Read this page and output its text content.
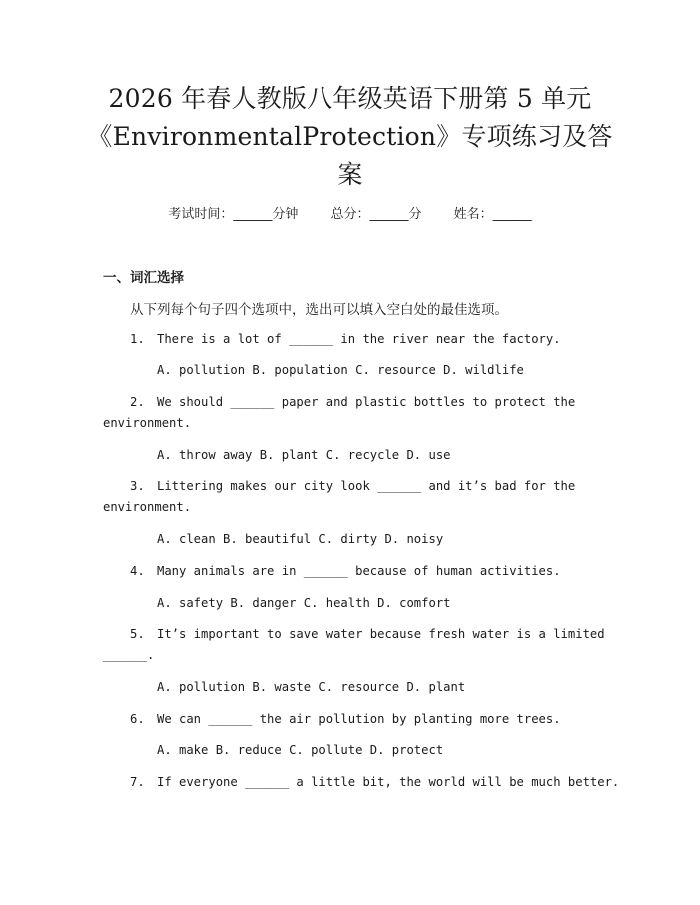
2026 年春人教版八年级英语下册第 5 单元
《EnvironmentalProtection》专项练习及答
案
考试时间：______分钟 总分：______分 姓名：______
一、词汇选择
从下列每个句子四个选项中，选出可以填入空白处的最佳选项。
1. There is a lot of ______ in the river near the factory.
A. pollution B. population C. resource D. wildlife
2. We should ______ paper and plastic bottles to protect the
environment.
A. throw away B. plant C. recycle D. use
3. Littering makes our city look ______ and it’s bad for the
environment.
A. clean B. beautiful C. dirty D. noisy
4. Many animals are in ______ because of human activities.
A. safety B. danger C. health D. comfort
5. It’s important to save water because fresh water is a limited
______.
A. pollution B. waste C. resource D. plant
6. We can ______ the air pollution by planting more trees.
A. make B. reduce C. pollute D. protect
7. If everyone ______ a little bit, the world will be much better.
